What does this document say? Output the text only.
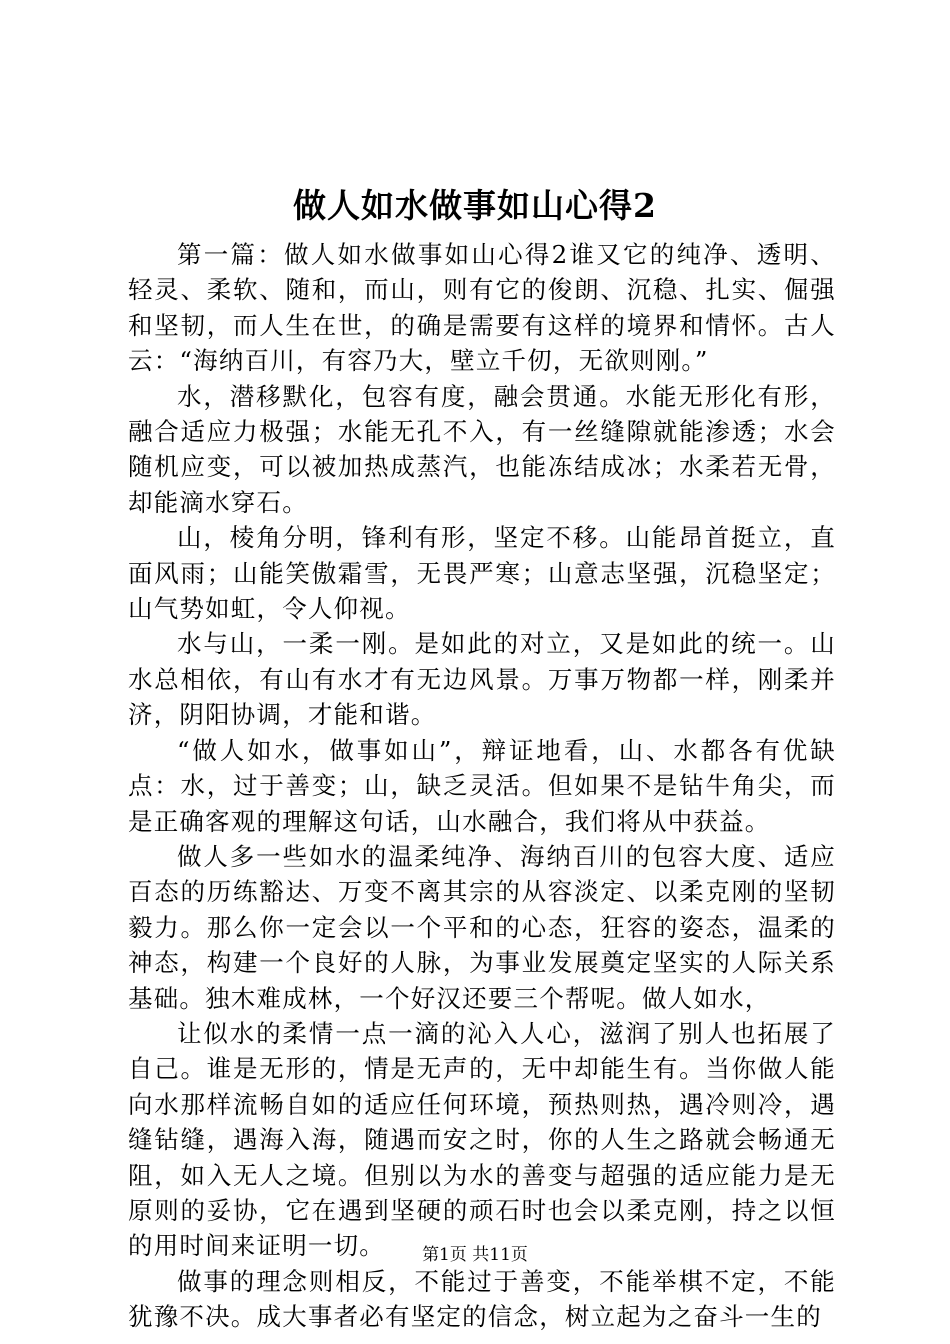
做人如水做事如山心得2

第一篇：做人如水做事如山心得2谁又它的纯净、透明、轻灵、柔软、随和，而山，则有它的俊朗、沉稳、扎实、倔强和坚韧，而人生在世，的确是需要有这样的境界和情怀。古人云：“海纳百川，有容乃大，壁立千仞，无欲则刚。”

水，潜移默化，包容有度，融会贯通。水能无形化有形，融合适应力极强；水能无孔不入，有一丝缝隙就能渗透；水会随机应变，可以被加热成蒸汽，也能冻结成冰；水柔若无骨，却能滴水穿石。

山，棱角分明，锋利有形，坚定不移。山能昂首挺立，直面风雨；山能笑傲霜雪，无畏严寒；山意志坚强，沉稳坚定；山气势如虹，令人仰视。

水与山，一柔一刚。是如此的对立，又是如此的统一。山水总相依，有山有水才有无边风景。万事万物都一样，刚柔并济，阴阳协调，才能和谐。

“做人如水，做事如山”，辩证地看，山、水都各有优缺点：水，过于善变；山，缺乏灵活。但如果不是钻牛角尖，而是正确客观的理解这句话，山水融合，我们将从中获益。

做人多一些如水的温柔纯净、海纳百川的包容大度、适应百态的历练豁达、万变不离其宗的从容淡定、以柔克刚的坚韧毅力。那么你一定会以一个平和的心态，狂容的姿态，温柔的神态，构建一个良好的人脉，为事业发展奠定坚实的人际关系基础。独木难成林，一个好汉还要三个帮呢。做人如水，

让似水的柔情一点一滴的沁入人心，滋润了别人也拓展了自己。谁是无形的，情是无声的，无中却能生有。当你做人能向水那样流畅自如的适应任何环境，预热则热，遇冷则冷，遇缝钻缝，遇海入海，随遇而安之时，你的人生之路就会畅通无阻，如入无人之境。但别以为水的善变与超强的适应能力是无原则的妥协，它在遇到坚硬的顽石时也会以柔克刚，持之以恒的用时间来证明一切。

做事的理念则相反，不能过于善变，不能举棋不定，不能犹豫不决。成大事者必有坚定的信念，树立起为之奋斗一生的

第1页 共11页
